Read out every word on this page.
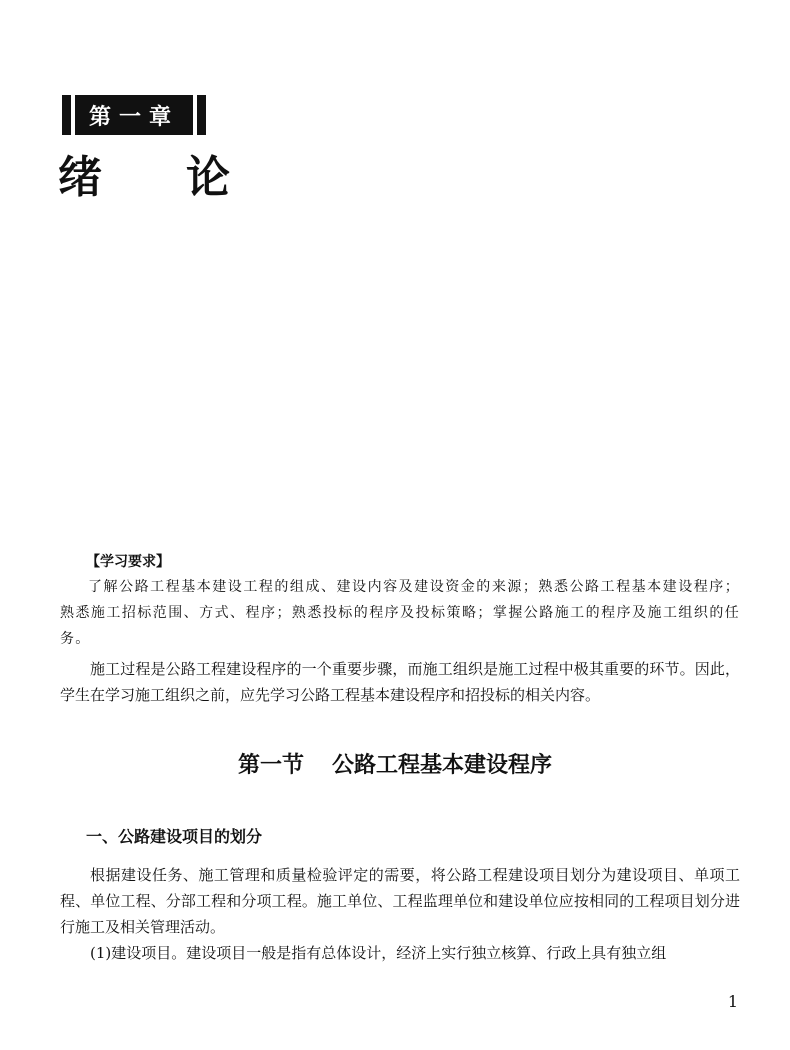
第一章
绪论
【学习要求】

了解公路工程基本建设工程的组成、建设内容及建设资金的来源；熟悉公路工程基本建设程序；熟悉施工招标范围、方式、程序；熟悉投标的程序及投标策略；掌握公路施工的程序及施工组织的任务。

施工过程是公路工程建设程序的一个重要步骤，而施工组织是施工过程中极其重要的环节。因此，学生在学习施工组织之前，应先学习公路工程基本建设程序和招投标的相关内容。

第一节 公路工程基本建设程序
一、公路建设项目的划分

根据建设任务、施工管理和质量检验评定的需要，将公路工程建设项目划分为建设项目、单项工程、单位工程、分部工程和分项工程。施工单位、工程监理单位和建设单位应按相同的工程项目划分进行施工及相关管理活动。

(1)建设项目。建设项目一般是指有总体设计，经济上实行独立核算、行政上具有独立组

1
